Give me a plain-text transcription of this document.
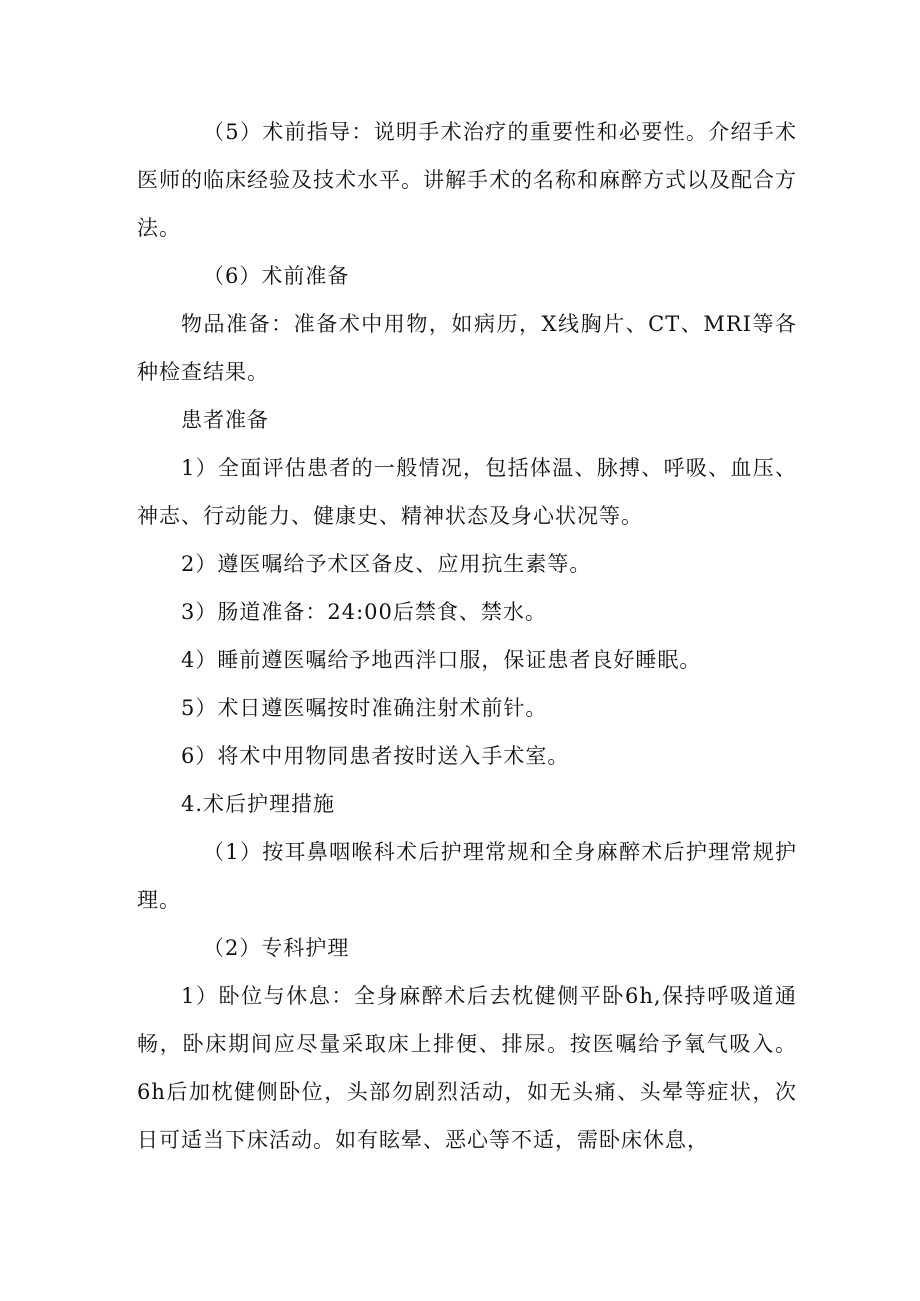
（5）术前指导：说明手术治疗的重要性和必要性。介绍手术医师的临床经验及技术水平。讲解手术的名称和麻醉方式以及配合方法。

（6）术前准备

物品准备：准备术中用物，如病历，X线胸片、CT、MRI等各种检查结果。

患者准备

1）全面评估患者的一般情况，包括体温、脉搏、呼吸、血压、神志、行动能力、健康史、精神状态及身心状况等。

2）遵医嘱给予术区备皮、应用抗生素等。

3）肠道准备：24:00后禁食、禁水。

4）睡前遵医嘱给予地西泮口服，保证患者良好睡眠。

5）术日遵医嘱按时准确注射术前针。

6）将术中用物同患者按时送入手术室。

4.术后护理措施

（1）按耳鼻咽喉科术后护理常规和全身麻醉术后护理常规护理。

（2）专科护理

1）卧位与休息：全身麻醉术后去枕健侧平卧6h,保持呼吸道通畅，卧床期间应尽量采取床上排便、排尿。按医嘱给予氧气吸入。6h后加枕健侧卧位，头部勿剧烈活动，如无头痛、头晕等症状，次日可适当下床活动。如有眩晕、恶心等不适，需卧床休息，
